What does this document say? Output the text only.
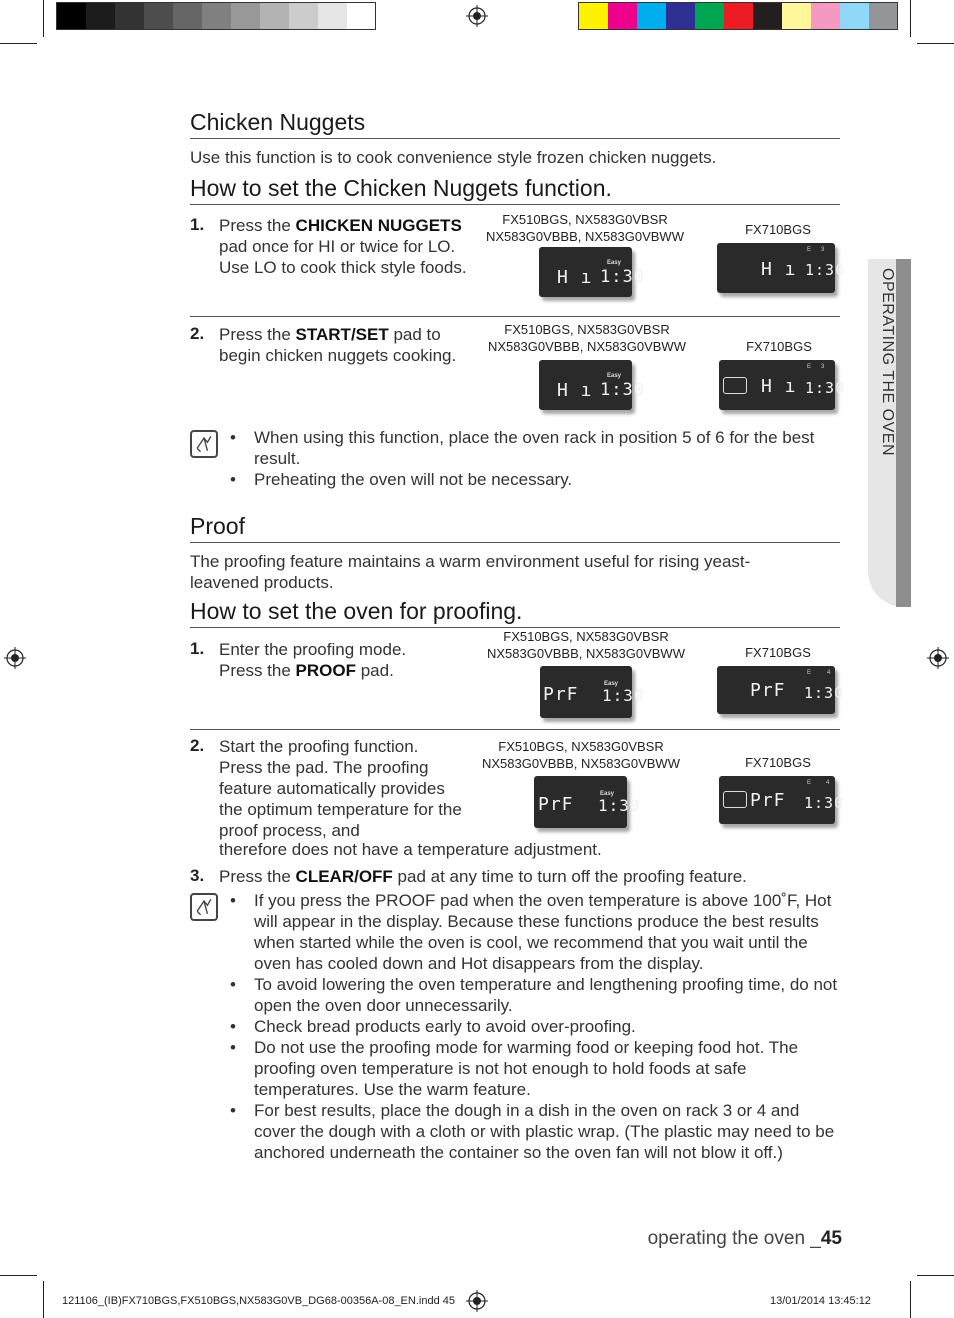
OPERATING THE OVEN
Chicken Nuggets
Use this function is to cook convenience style frozen chicken nuggets.
How to set the Chicken Nuggets function.
1. Press the CHICKEN NUGGETS pad once for HI or twice for LO. Use LO to cook thick style foods.
FX510BGS, NX583G0VBSR
NX583G0VBBB, NX583G0VBWW	FX710BGS
Easy
H ı 1:30
E 3
H ı 1:30
2. Press the START/SET pad to begin chicken nuggets cooking.
FX510BGS, NX583G0VBSR
NX583G0VBBB, NX583G0VBWW	FX710BGS
Easy
H ı 1:30
E 3
H ı 1:30
• When using this function, place the oven rack in position 5 of 6 for the best result.
• Preheating the oven will not be necessary.
Proof
The proofing feature maintains a warm environment useful for rising yeast-leavened products.
How to set the oven for proofing.
1. Enter the proofing mode.
Press the PROOF pad.
FX510BGS, NX583G0VBSR
NX583G0VBBB, NX583G0VBWW	FX710BGS
Easy
PrF 1:30
E	4
PrF 1:30
2. Start the proofing function. Press the pad. The proofing feature automatically provides the optimum temperature for the proof process, and
therefore does not have a temperature adjustment.
FX510BGS, NX583G0VBSR
NX583G0VBBB, NX583G0VBWW	FX710BGS
Easy
PrF 1:30
E 4
PrF 1:30
3. Press the CLEAR/OFF pad at any time to turn off the proofing feature.
• If you press the PROOF pad when the oven temperature is above 100˚F, Hot will appear in the display. Because these functions produce the best results when started while the oven is cool, we recommend that you wait until the oven has cooled down and Hot disappears from the display.
• To avoid lowering the oven temperature and lengthening proofing time, do not open the oven door unnecessarily.
• Check bread products early to avoid over-proofing.
• Do not use the proofing mode for warming food or keeping food hot. The proofing oven temperature is not hot enough to hold foods at safe temperatures. Use the warm feature.
• For best results, place the dough in a dish in the oven on rack 3 or 4 and cover the dough with a cloth or with plastic wrap. (The plastic may need to be anchored underneath the container so the oven fan will not blow it off.)
operating the oven _45
121106_(IB)FX710BGS,FX510BGS,NX583G0VB_DG68-00356A-08_EN.indd 45	13/01/2014 13:45:12
